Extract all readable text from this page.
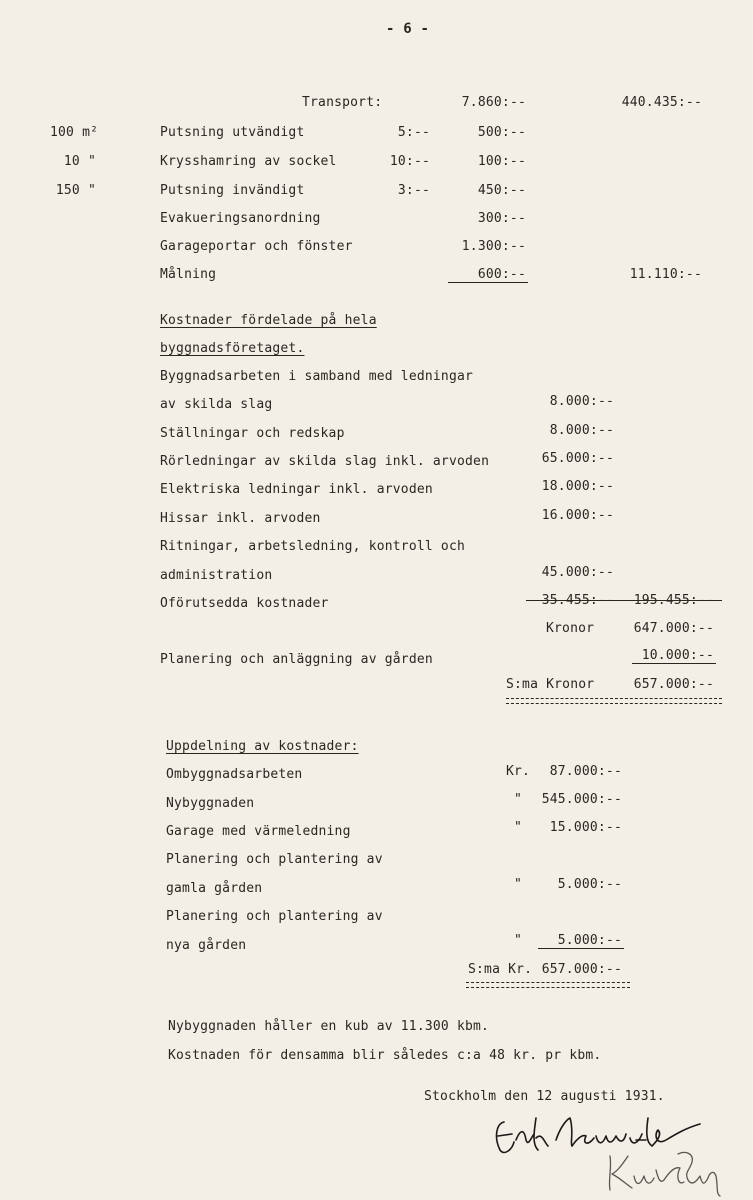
- 6 -
Transport:	7.860:--	440.435:--
100 m²	Putsning utvändigt	5:--	500:--
10 "	Krysshamring av sockel	10:--	100:--
150 "	Putsning invändigt	3:--	450:--
Evakueringsanordning	300:--
Garageportar och fönster	1.300:--
Målning	600:--	11.110:--
Kostnader fördelade på hela
byggnadsföretaget.
Byggnadsarbeten i samband med ledningar
av skilda slag	8.000:--
Ställningar och redskap	8.000:--
Rörledningar av skilda slag inkl. arvoden	65.000:--
Elektriska ledningar inkl. arvoden	18.000:--
Hissar inkl. arvoden	16.000:--
Ritningar, arbetsledning, kontroll och
administration	45.000:--
Oförutsedda kostnader	35.455:--	195.455:--
Kronor	647.000:--
Planering och anläggning av gården	10.000:--
S:ma Kronor	657.000:--
Uppdelning av kostnader:
Ombyggnadsarbeten	Kr.	87.000:--
Nybyggnaden	"	545.000:--
Garage med värmeledning	"	15.000:--
Planering och plantering av
gamla gården	"	5.000:--
Planering och plantering av
nya gården	"	5.000:--
S:ma Kr. 657.000:--
Nybyggnaden håller en kub av 11.300 kbm.
Kostnaden för densamma blir således c:a 48 kr. pr kbm.
Stockholm den 12 augusti 1931.
